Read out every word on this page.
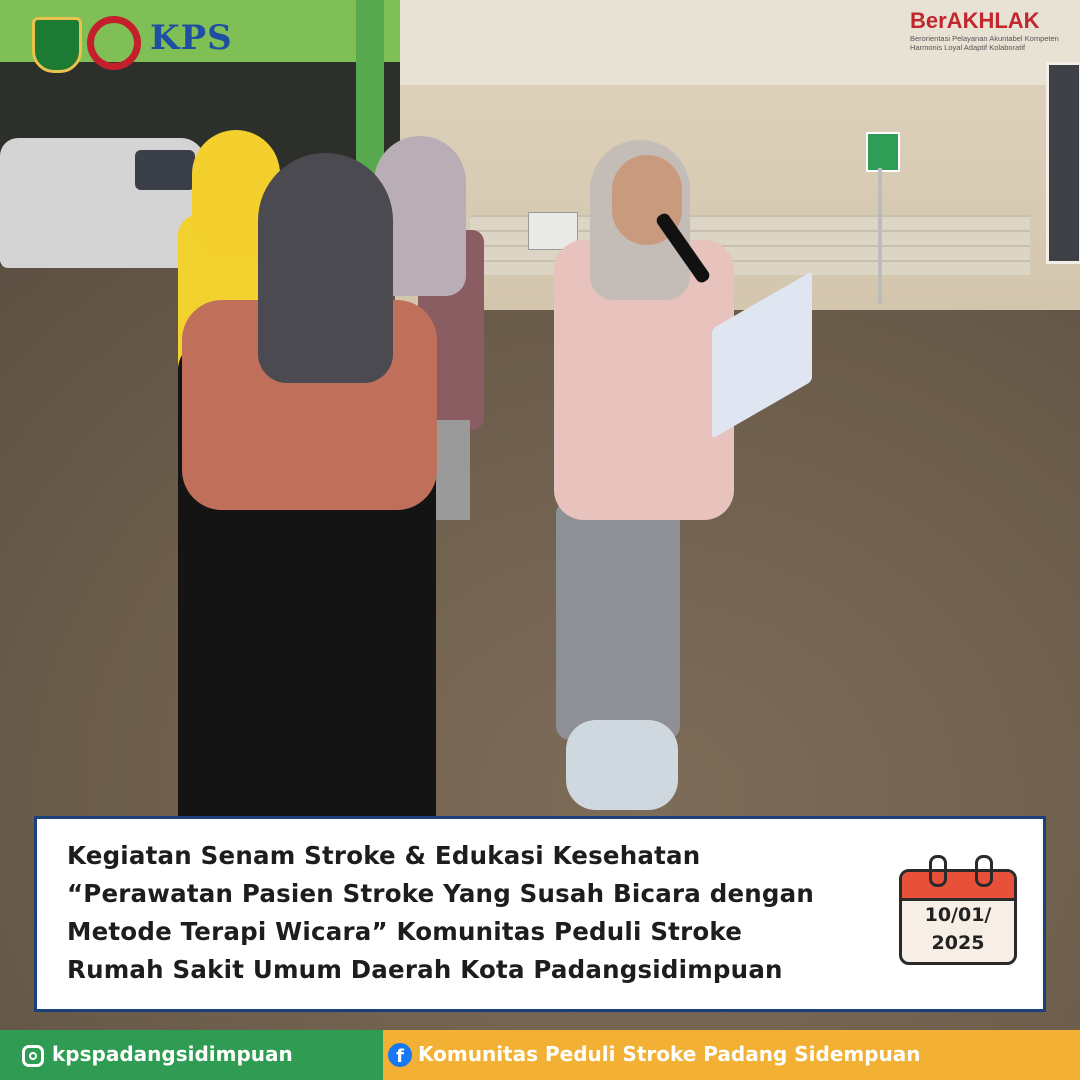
KPS	BerAKHLAK
Berorientasi Pelayanan Akuntabel Kompeten Harmonis Loyal Adaptif Kolaboratif
Kegiatan Senam Stroke & Edukasi Kesehatan
“Perawatan Pasien Stroke Yang Susah Bicara dengan
Metode Terapi Wicara” Komunitas Peduli Stroke
Rumah Sakit Umum Daerah Kota Padangsidimpuan
10/01/
2025
kpspadangsidimpuan	f Komunitas Peduli Stroke Padang Sidempuan
